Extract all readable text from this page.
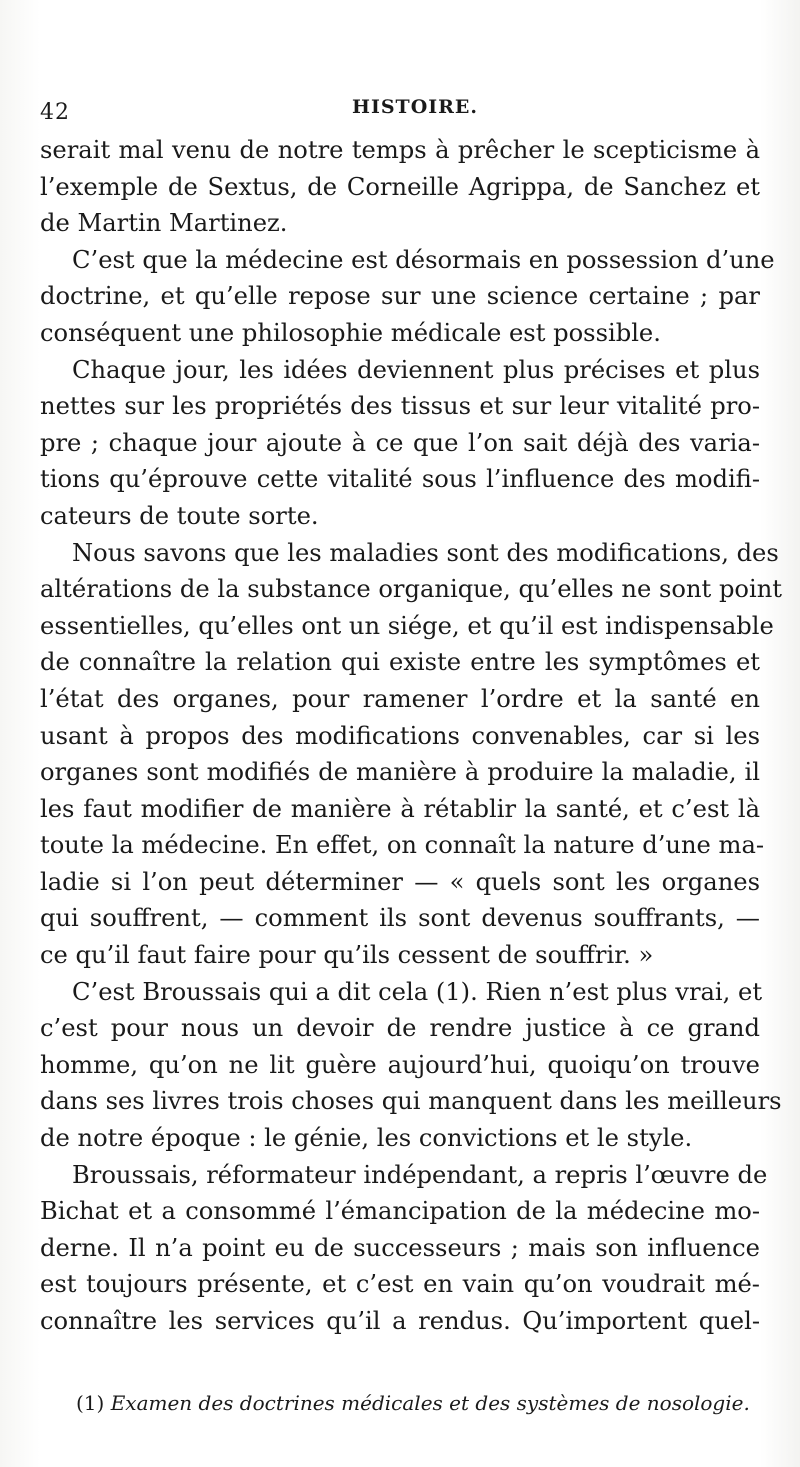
42	HISTOIRE.
serait mal venu de notre temps à prêcher le scepticisme à
l’exemple de Sextus, de Corneille Agrippa, de Sanchez et
de Martin Martinez.
C’est que la médecine est désormais en possession d’une
doctrine, et qu’elle repose sur une science certaine ; par
conséquent une philosophie médicale est possible.
Chaque jour, les idées deviennent plus précises et plus
nettes sur les propriétés des tissus et sur leur vitalité pro-
pre ; chaque jour ajoute à ce que l’on sait déjà des varia-
tions qu’éprouve cette vitalité sous l’influence des modifi-
cateurs de toute sorte.
Nous savons que les maladies sont des modifications, des
altérations de la substance organique, qu’elles ne sont point
essentielles, qu’elles ont un siége, et qu’il est indispensable
de connaître la relation qui existe entre les symptômes et
l’état des organes, pour ramener l’ordre et la santé en
usant à propos des modifications convenables, car si les
organes sont modifiés de manière à produire la maladie, il
les faut modifier de manière à rétablir la santé, et c’est là
toute la médecine. En effet, on connaît la nature d’une ma-
ladie si l’on peut déterminer — « quels sont les organes
qui souffrent, — comment ils sont devenus souffrants, —
ce qu’il faut faire pour qu’ils cessent de souffrir. »
C’est Broussais qui a dit cela (1). Rien n’est plus vrai, et
c’est pour nous un devoir de rendre justice à ce grand
homme, qu’on ne lit guère aujourd’hui, quoiqu’on trouve
dans ses livres trois choses qui manquent dans les meilleurs
de notre époque : le génie, les convictions et le style.
Broussais, réformateur indépendant, a repris l’œuvre de
Bichat et a consommé l’émancipation de la médecine mo-
derne. Il n’a point eu de successeurs ; mais son influence
est toujours présente, et c’est en vain qu’on voudrait mé-
connaître les services qu’il a rendus. Qu’importent quel-
(1) Examen des doctrines médicales et des systèmes de nosologie.
